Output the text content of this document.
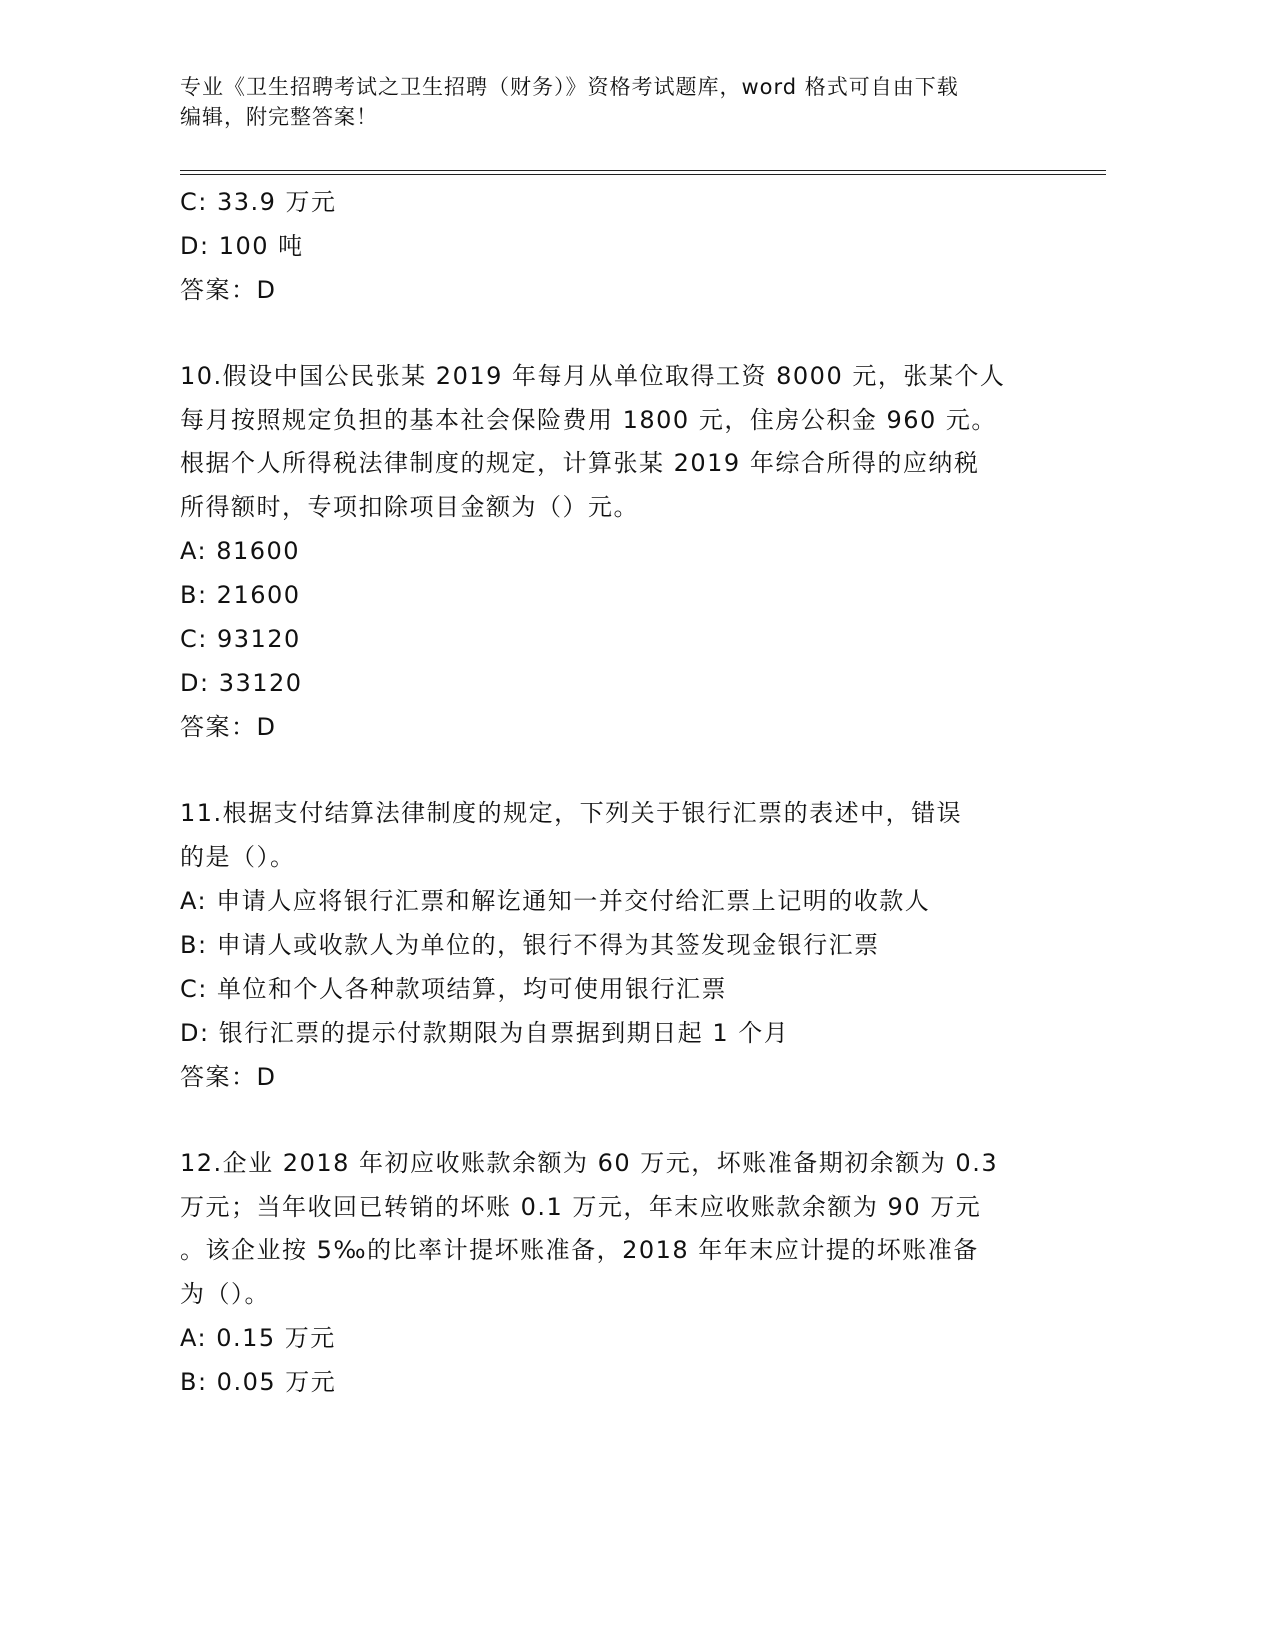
专业《卫生招聘考试之卫生招聘（财务）》资格考试题库，word 格式可自由下载
编辑，附完整答案！
C: 33.9 万元
D: 100 吨
答案：D
10.假设中国公民张某 2019 年每月从单位取得工资 8000 元，张某个人
每月按照规定负担的基本社会保险费用 1800 元，住房公积金 960 元。
根据个人所得税法律制度的规定，计算张某 2019 年综合所得的应纳税
所得额时，专项扣除项目金额为（）元。
A: 81600
B: 21600
C: 93120
D: 33120
答案：D
11.根据支付结算法律制度的规定，下列关于银行汇票的表述中，错误
的是（）。
A: 申请人应将银行汇票和解讫通知一并交付给汇票上记明的收款人
B: 申请人或收款人为单位的，银行不得为其签发现金银行汇票
C: 单位和个人各种款项结算，均可使用银行汇票
D: 银行汇票的提示付款期限为自票据到期日起 1 个月
答案：D
12.企业 2018 年初应收账款余额为 60 万元，坏账准备期初余额为 0.3
万元；当年收回已转销的坏账 0.1 万元，年末应收账款余额为 90 万元
。该企业按 5‰的比率计提坏账准备，2018 年年末应计提的坏账准备
为（）。
A: 0.15 万元
B: 0.05 万元
